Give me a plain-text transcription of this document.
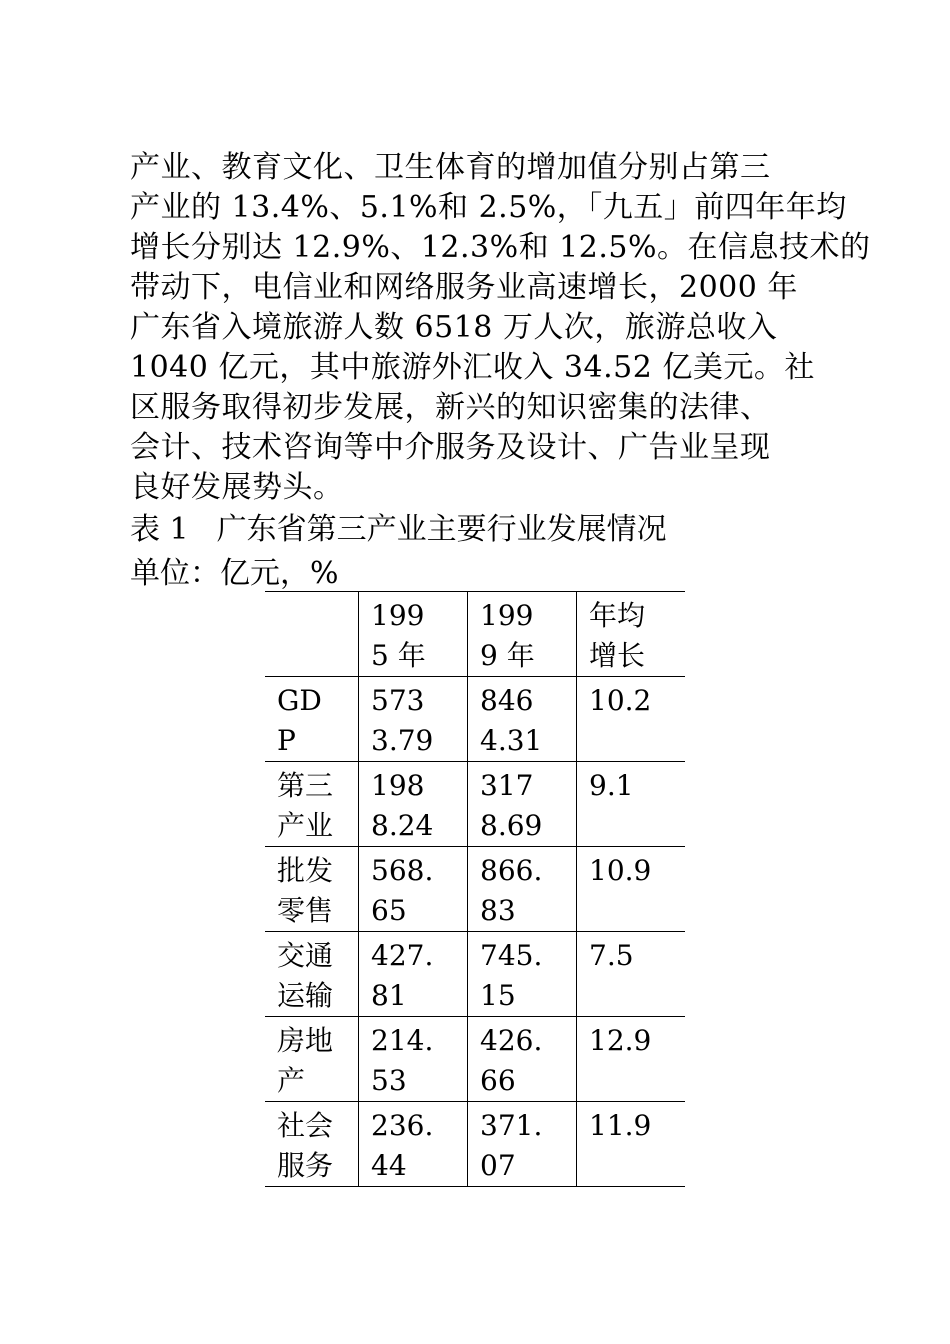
产业、教育文化、卫生体育的增加值分别占第三
产业的 13.4%、5.1%和 2.5%，「九五」前四年年均
增长分别达 12.9%、12.3%和 12.5%。在信息技术的
带动下，电信业和网络服务业高速增长，2000 年
广东省入境旅游人数 6518 万人次，旅游总收入
1040 亿元，其中旅游外汇收入 34.52 亿美元。社
区服务取得初步发展，新兴的知识密集的法律、
会计、技术咨询等中介服务及设计、广告业呈现
良好发展势头。
表 1 广东省第三产业主要行业发展情况
单位：亿元，%

	1995 年	1999 年	年均增长

GDP	5733.79	8464.31	10.2

第三产业	1988.24	3178.69	9.1

批发零售	568.65	866.83	10.9

交通运输	427.81	745.15	7.5

房地产	214.53	426.66	12.9

社会服务	236.44	371.07	11.9
